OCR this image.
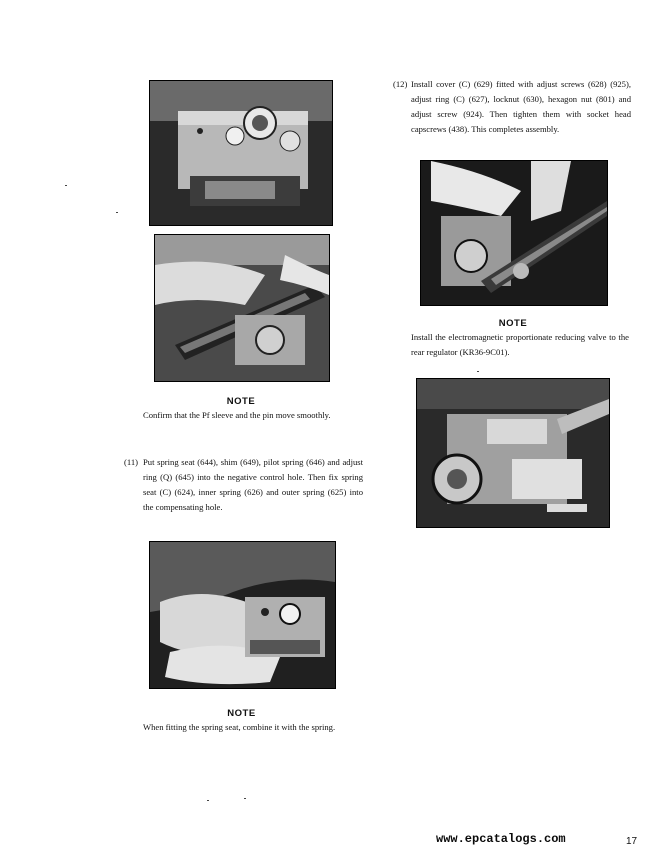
NOTE
Confirm that the Pf sleeve and the pin move smoothly.
(11) Put spring seat (644), shim (649), pilot spring (646) and adjust ring (Q) (645) into the negative control hole. Then fix spring seat (C) (624), inner spring (626) and outer spring (625) into the compensating hole.
NOTE
When fitting the spring seat, combine it with the spring.
(12) Install cover (C) (629) fitted with adjust screws (628) (925), adjust ring (C) (627), locknut (630), hexagon nut (801) and adjust screw (924). Then tighten them with socket head capscrews (438). This completes assembly.
NOTE
Install the electromagnetic proportionate reducing valve to the rear regulator (KR36-9C01).
www.epcatalogs.com	17
